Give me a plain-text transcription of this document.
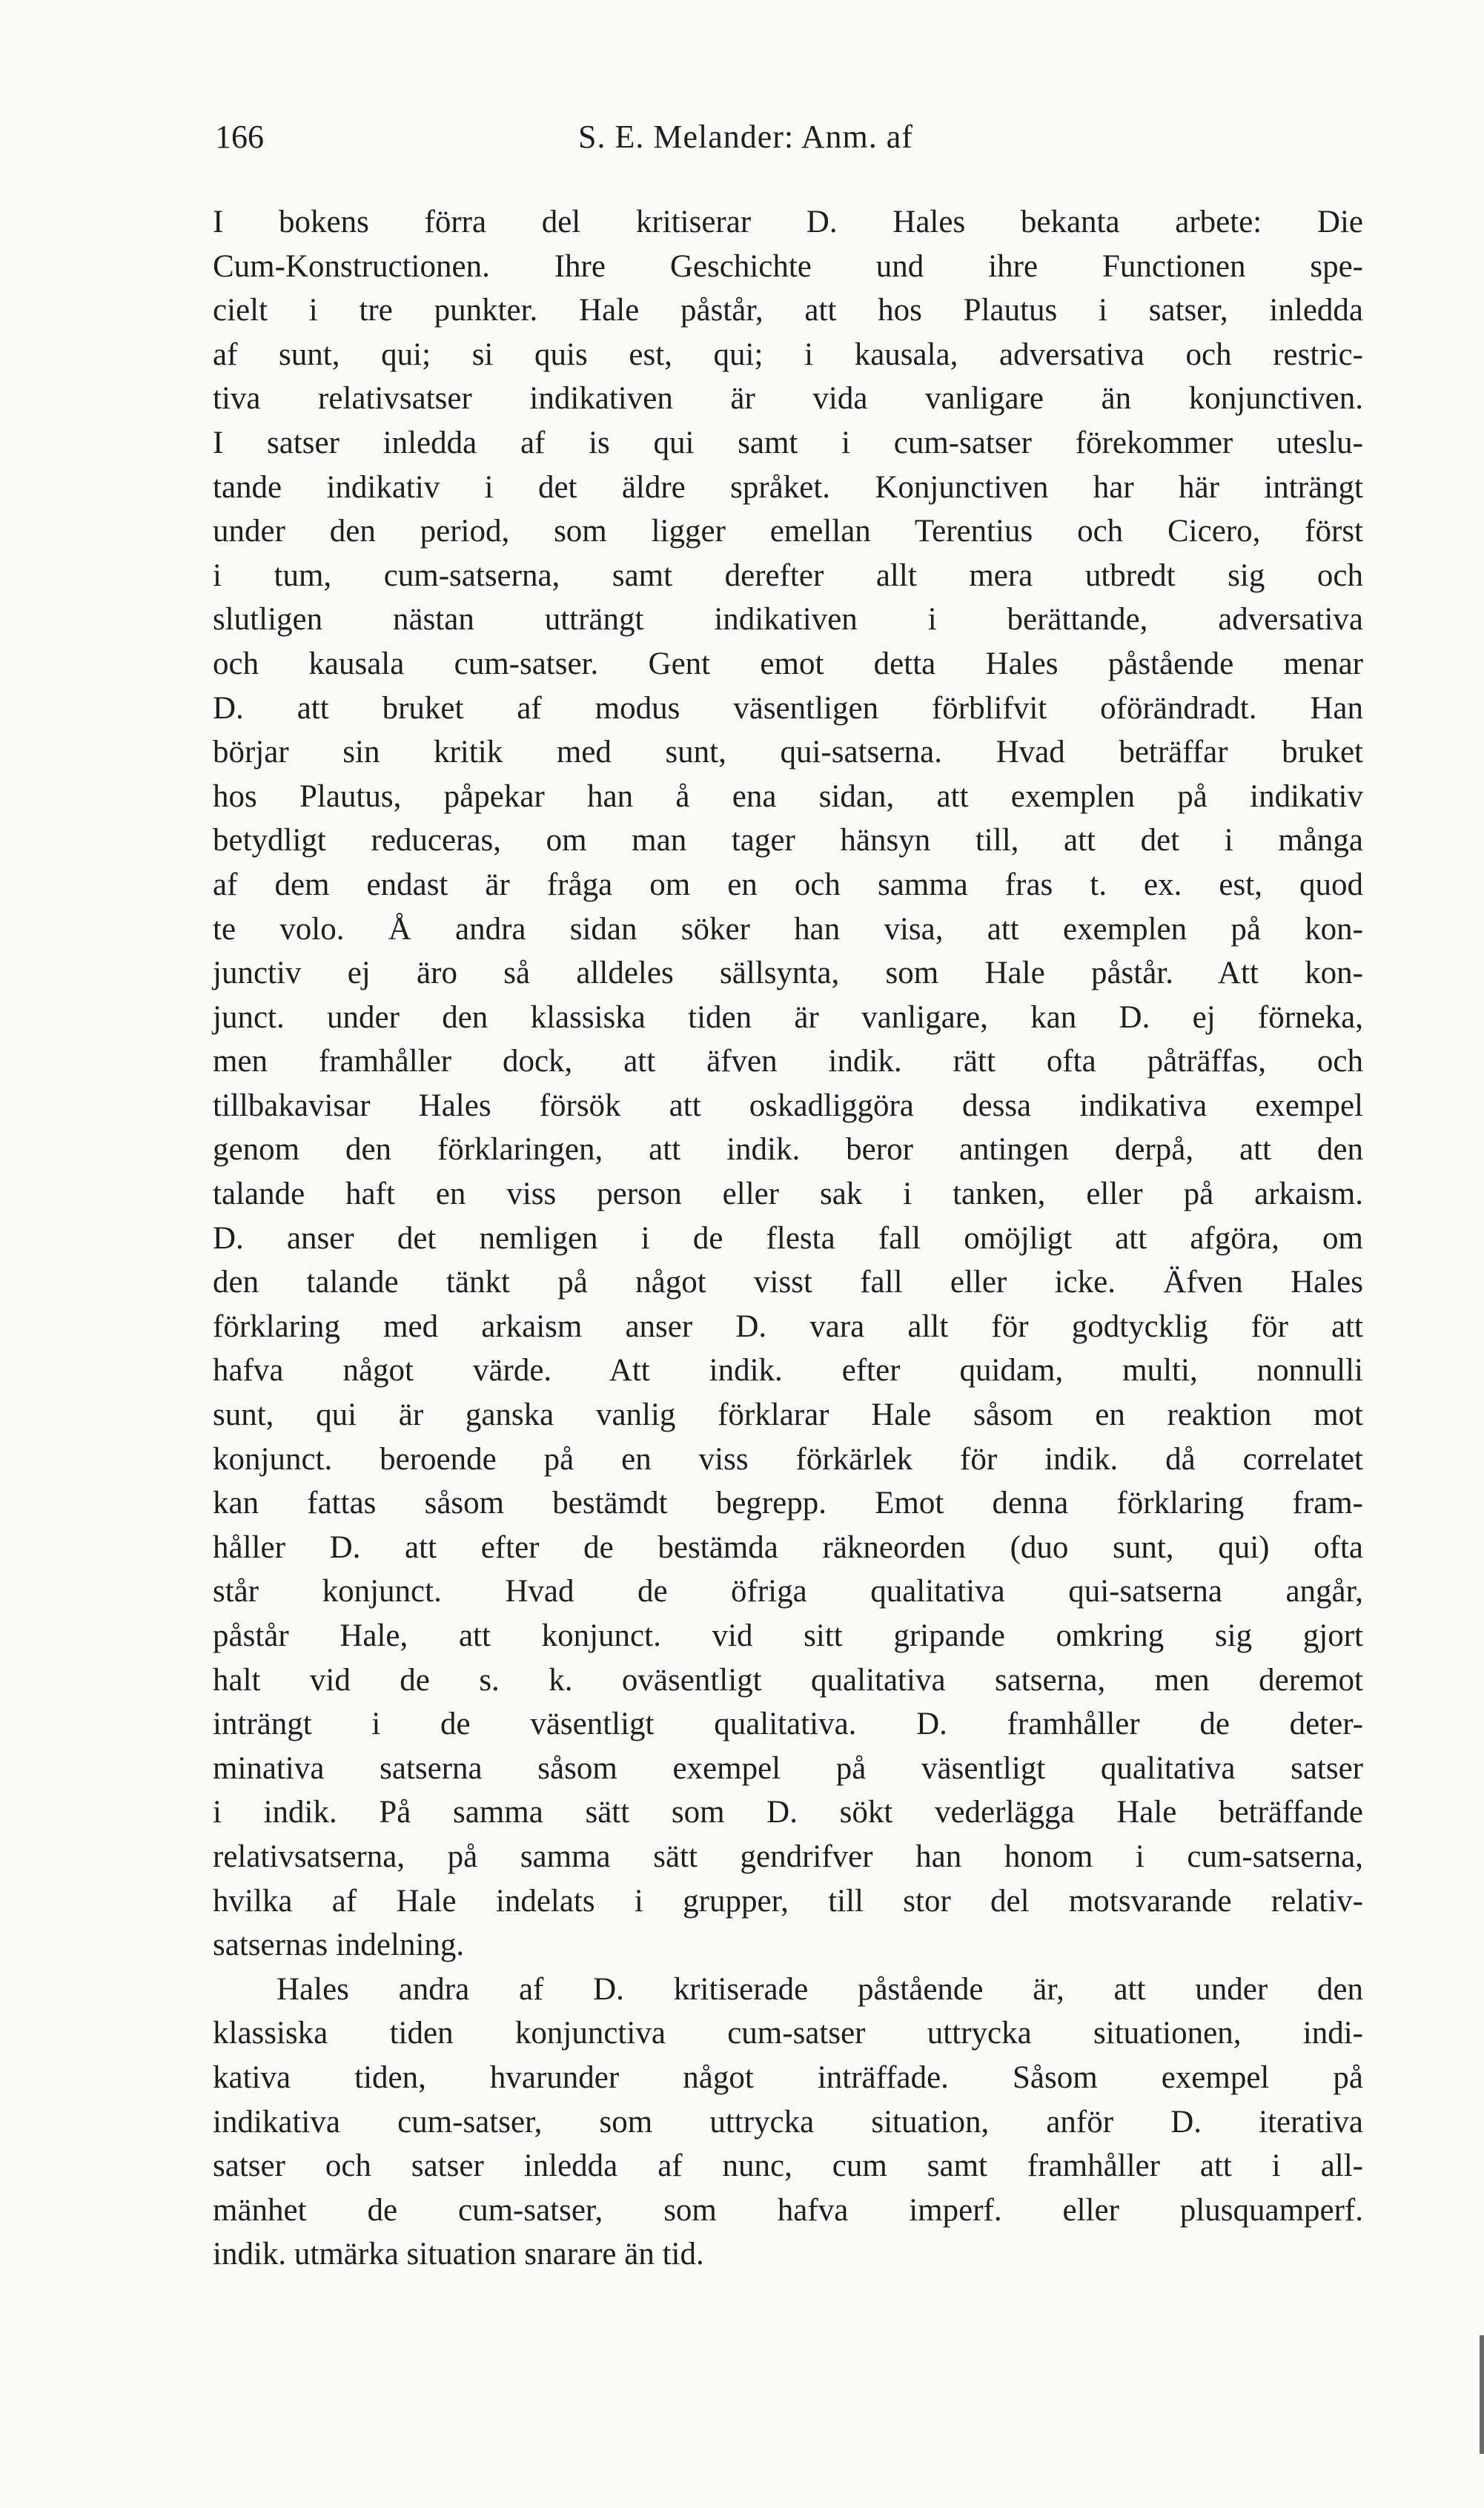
166	S. E. Melander: Anm. af
I bokens förra del kritiserar D. Hales bekanta arbete: Die
Cum-Konstructionen. Ihre Geschichte und ihre Functionen spe-
cielt i tre punkter. Hale påstår, att hos Plautus i satser, inledda
af sunt, qui; si quis est, qui; i kausala, adversativa och restric-
tiva relativsatser indikativen är vida vanligare än konjunctiven.
I satser inledda af is qui samt i cum-satser förekommer uteslu-
tande indikativ i det äldre språket. Konjunctiven har här inträngt
under den period, som ligger emellan Terentius och Cicero, först
i tum, cum-satserna, samt derefter allt mera utbredt sig och
slutligen nästan utträngt indikativen i berättande, adversativa
och kausala cum-satser. Gent emot detta Hales påstående menar
D. att bruket af modus väsentligen förblifvit oförändradt. Han
börjar sin kritik med sunt, qui-satserna. Hvad beträffar bruket
hos Plautus, påpekar han å ena sidan, att exemplen på indikativ
betydligt reduceras, om man tager hänsyn till, att det i många
af dem endast är fråga om en och samma fras t. ex. est, quod
te volo. Å andra sidan söker han visa, att exemplen på kon-
junctiv ej äro så alldeles sällsynta, som Hale påstår. Att kon-
junct. under den klassiska tiden är vanligare, kan D. ej förneka,
men framhåller dock, att äfven indik. rätt ofta påträffas, och
tillbakavisar Hales försök att oskadliggöra dessa indikativa exempel
genom den förklaringen, att indik. beror antingen derpå, att den
talande haft en viss person eller sak i tanken, eller på arkaism.
D. anser det nemligen i de flesta fall omöjligt att afgöra, om
den talande tänkt på något visst fall eller icke. Äfven Hales
förklaring med arkaism anser D. vara allt för godtycklig för att
hafva något värde. Att indik. efter quidam, multi, nonnulli
sunt, qui är ganska vanlig förklarar Hale såsom en reaktion mot
konjunct. beroende på en viss förkärlek för indik. då correlatet
kan fattas såsom bestämdt begrepp. Emot denna förklaring fram-
håller D. att efter de bestämda räkneorden (duo sunt, qui) ofta
står konjunct. Hvad de öfriga qualitativa qui-satserna angår,
påstår Hale, att konjunct. vid sitt gripande omkring sig gjort
halt vid de s. k. oväsentligt qualitativa satserna, men deremot
inträngt i de väsentligt qualitativa. D. framhåller de deter-
minativa satserna såsom exempel på väsentligt qualitativa satser
i indik. På samma sätt som D. sökt vederlägga Hale beträffande
relativsatserna, på samma sätt gendrifver han honom i cum-satserna,
hvilka af Hale indelats i grupper, till stor del motsvarande relativ-
satsernas indelning.
Hales andra af D. kritiserade påstående är, att under den
klassiska tiden konjunctiva cum-satser uttrycka situationen, indi-
kativa tiden, hvarunder något inträffade. Såsom exempel på
indikativa cum-satser, som uttrycka situation, anför D. iterativa
satser och satser inledda af nunc, cum samt framhåller att i all-
mänhet de cum-satser, som hafva imperf. eller plusquamperf.
indik. utmärka situation snarare än tid.
